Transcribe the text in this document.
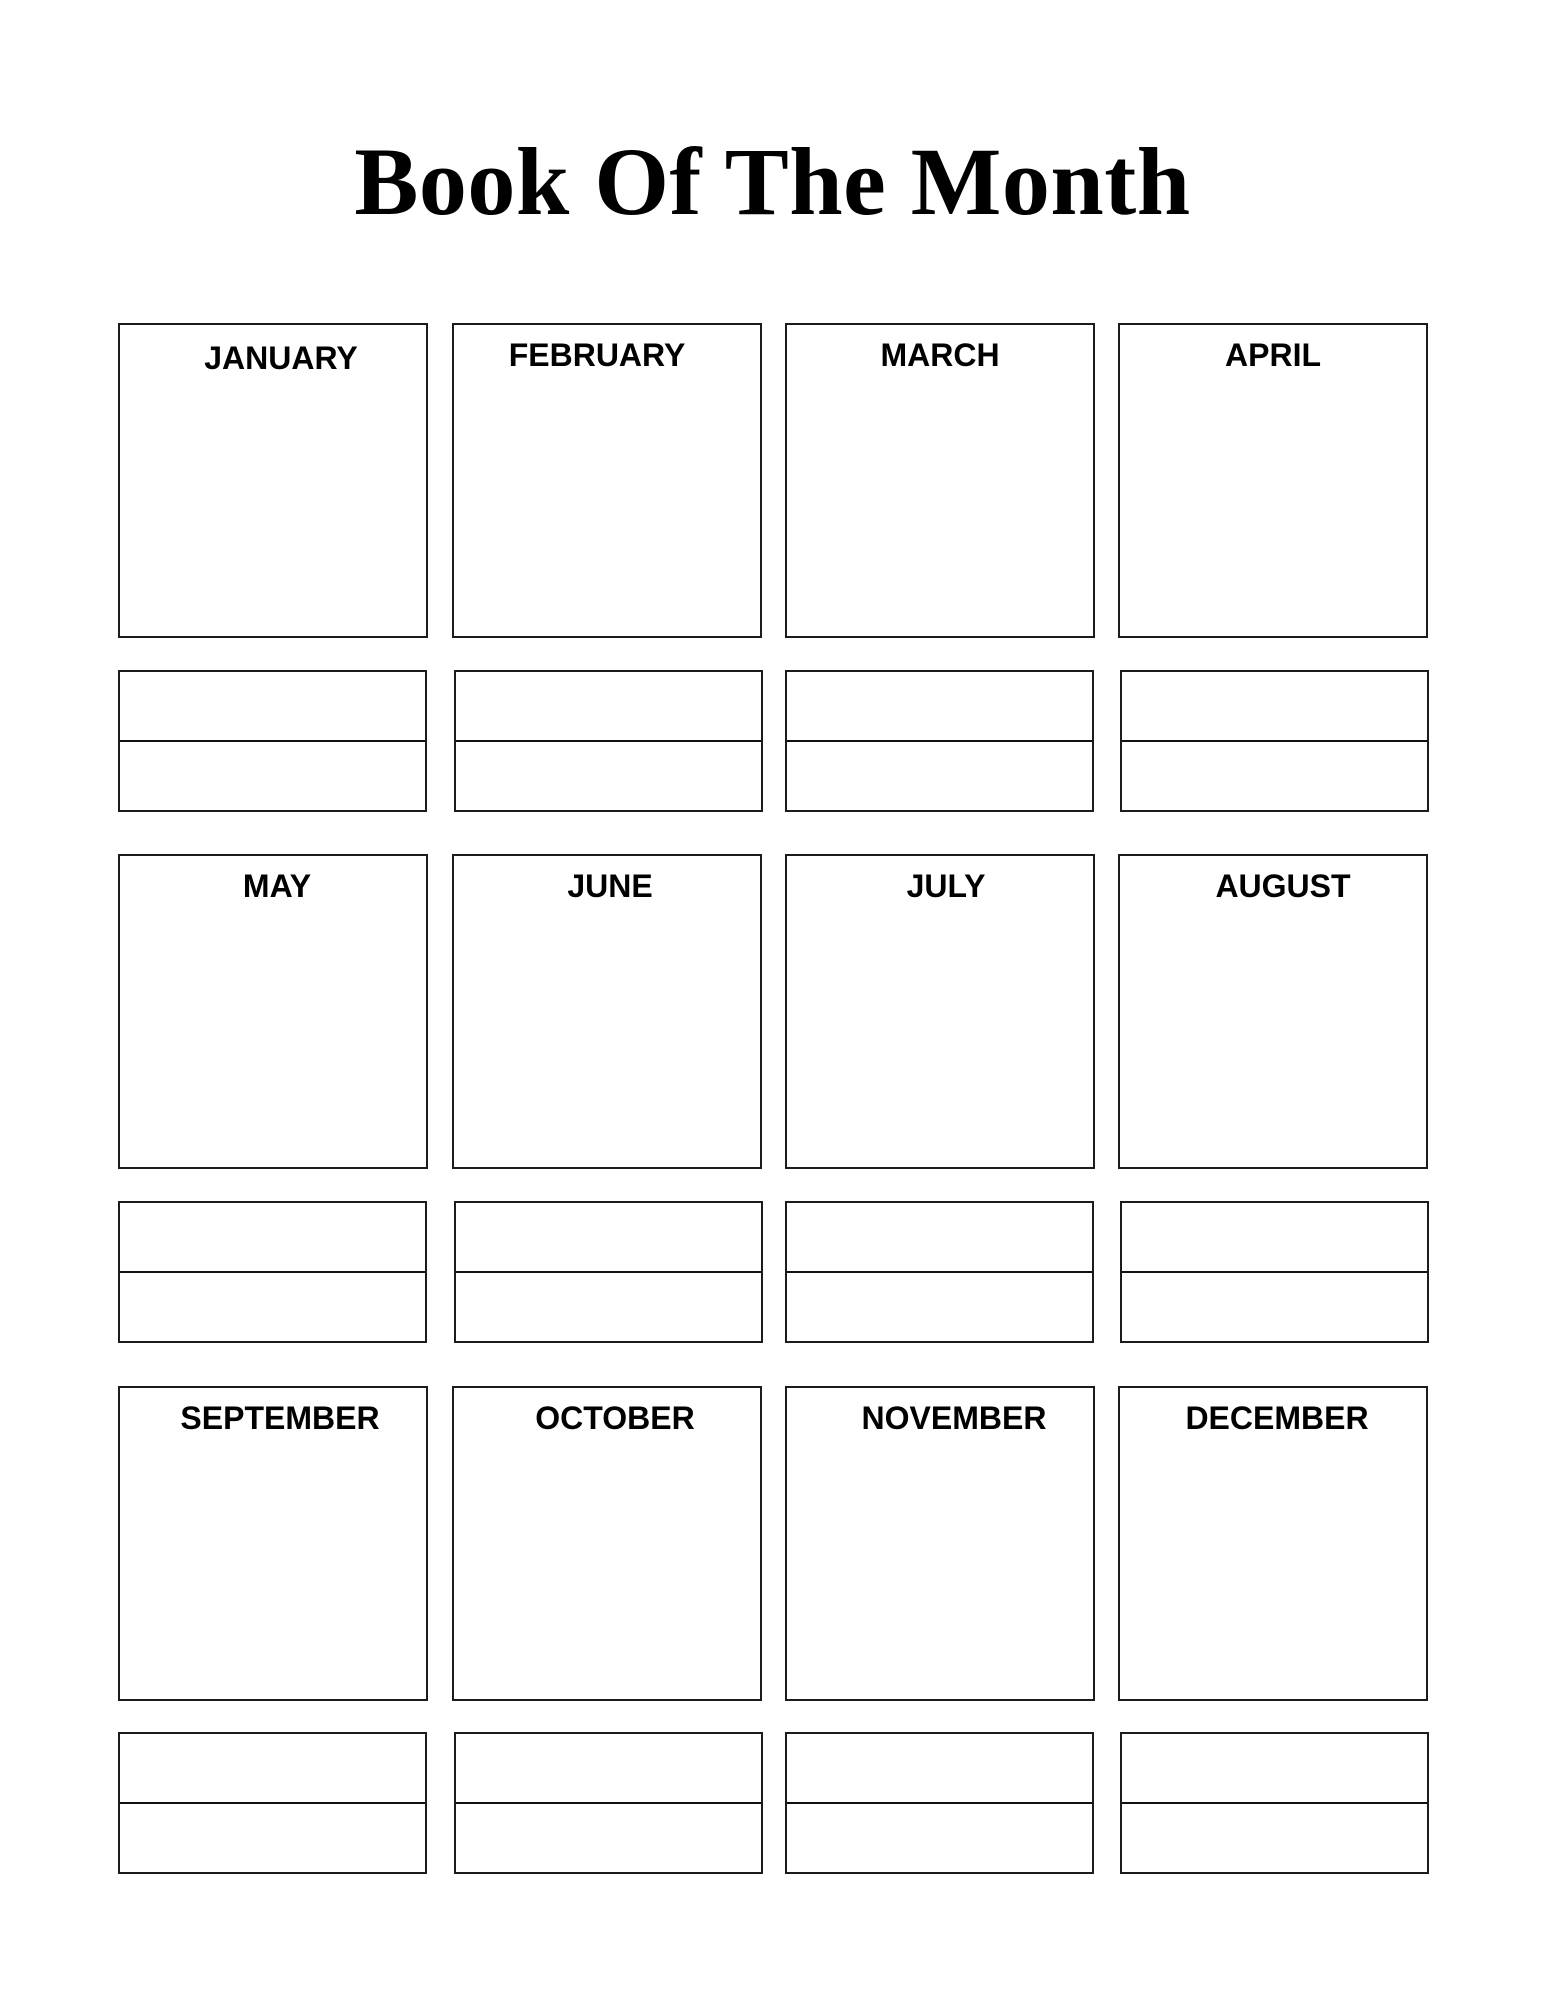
Book Of The Month
JANUARY	FEBRUARY	MARCH	APRIL
MAY	JUNE	JULY	AUGUST
SEPTEMBER	OCTOBER	NOVEMBER	DECEMBER
